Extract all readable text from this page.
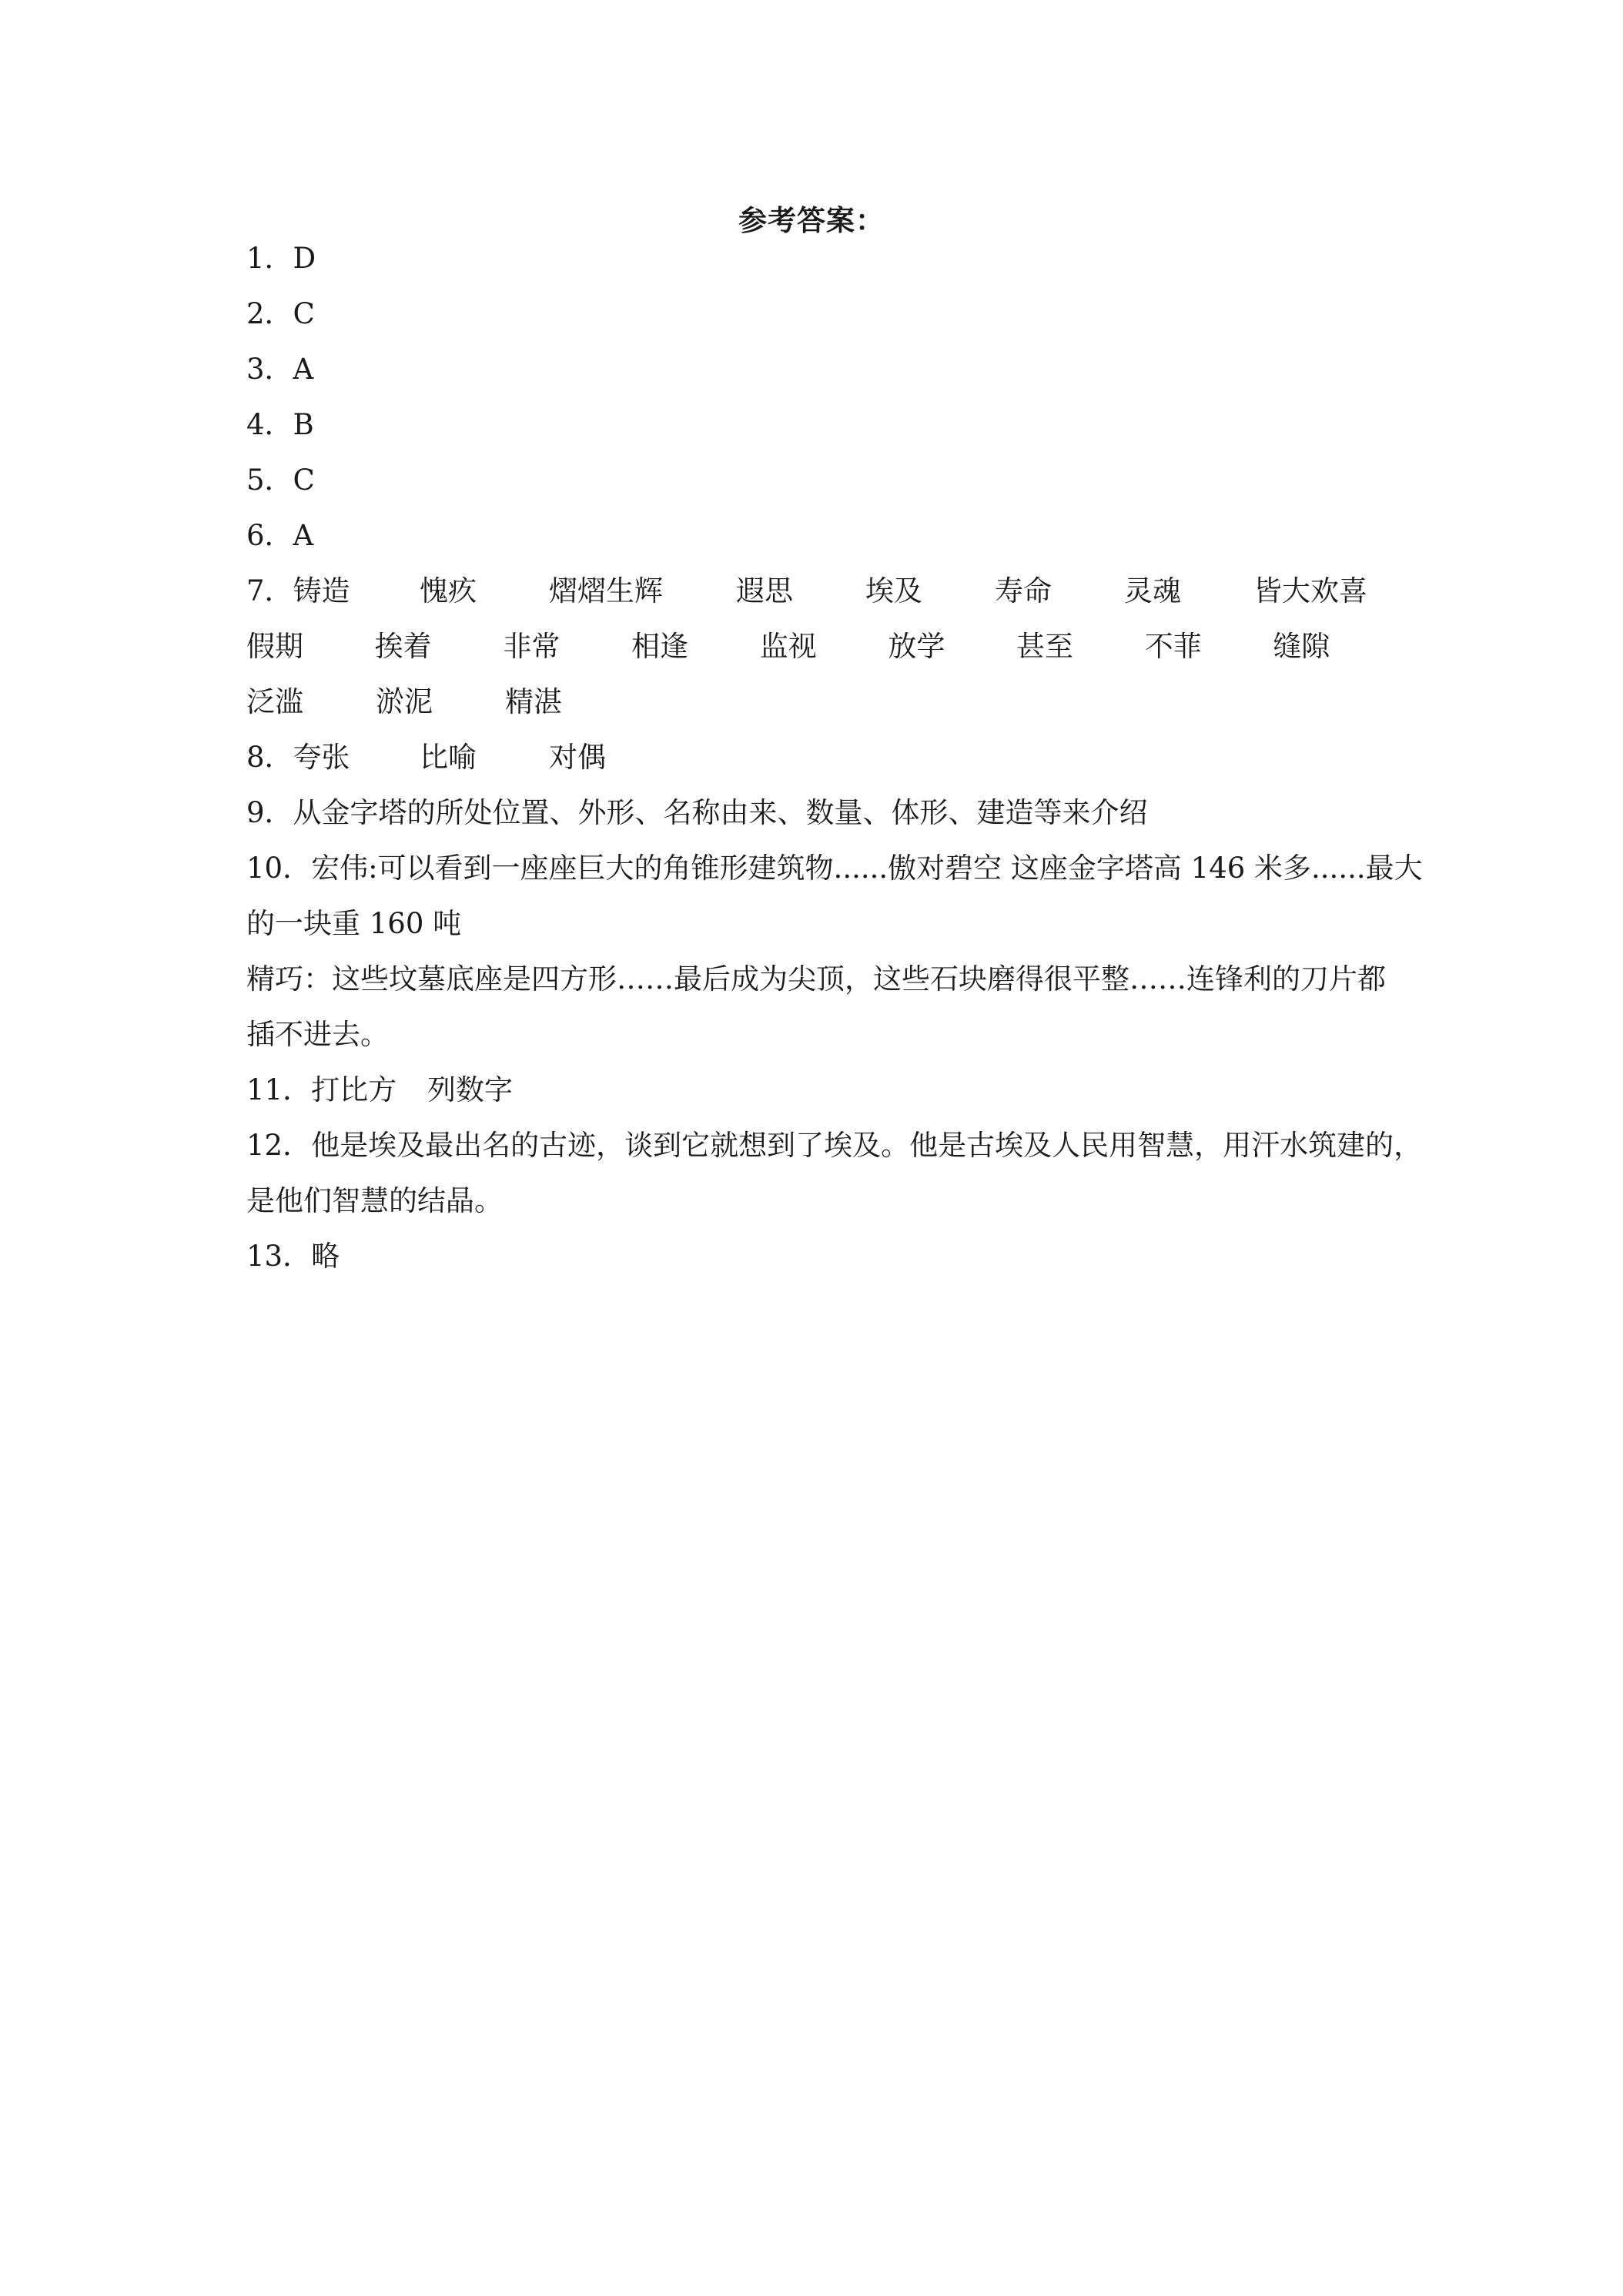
参考答案：
1．D
2．C
3．A
4．B
5．C
6．A
7．铸造	愧疚	熠熠生辉	遐思	埃及	寿命	灵魂	皆大欢喜
假期	挨着	非常	相逢	监视	放学	甚至	不菲	缝隙
泛滥	淤泥	精湛
8．夸张	比喻	对偶
9．从金字塔的所处位置、外形、名称由来、数量、体形、建造等来介绍
10．宏伟:可以看到一座座巨大的角锥形建筑物......傲对碧空 这座金字塔高 146 米多......最大
的一块重 160 吨
精巧：这些坟墓底座是四方形……最后成为尖顶，这些石块磨得很平整……连锋利的刀片都
插不进去。
11．打比方	列数字
12．他是埃及最出名的古迹，谈到它就想到了埃及。他是古埃及人民用智慧，用汗水筑建的，
是他们智慧的结晶。
13．略
